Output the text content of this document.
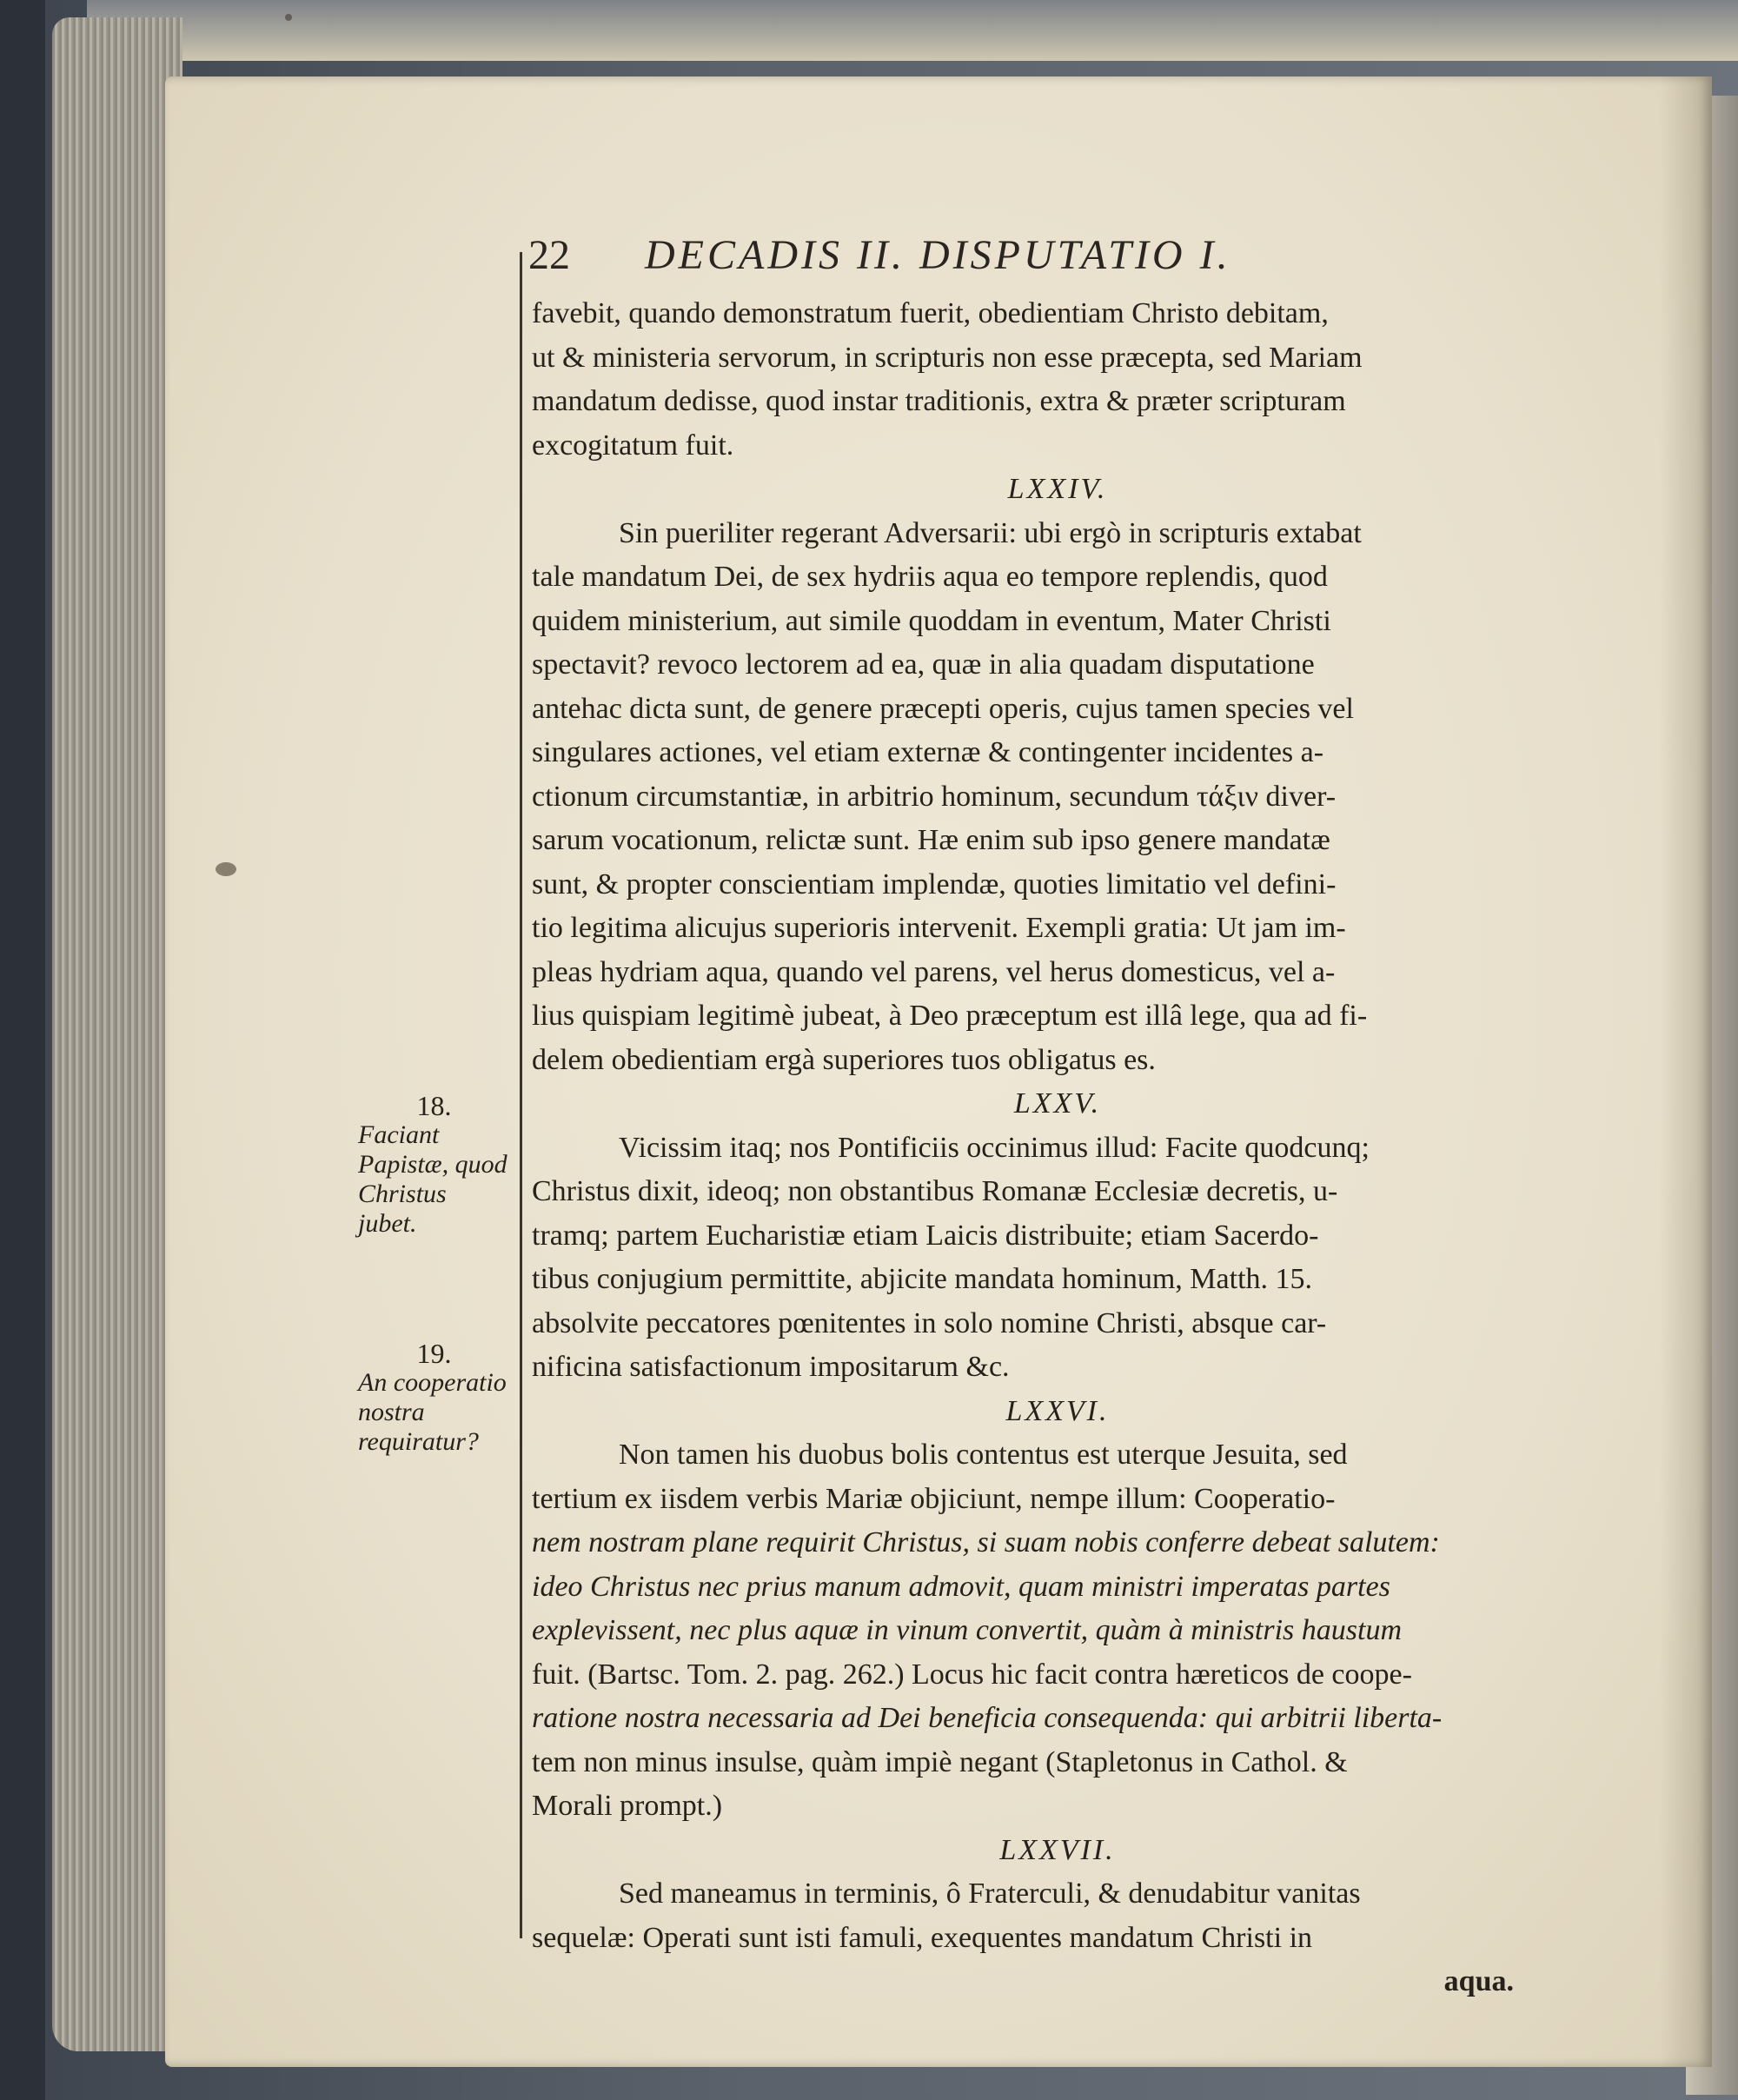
22 DECADIS II. DISPUTATIO I.
favebit, quando demonstratum fuerit, obedientiam Christo debitam,
ut & ministeria servorum, in scripturis non esse præcepta, sed Mariam
mandatum dedisse, quod instar traditionis, extra & præter scripturam
excogitatum fuit.
LXXIV.
Sin pueriliter regerant Adversarii: ubi ergò in scripturis extabat
tale mandatum Dei, de sex hydriis aqua eo tempore replendis, quod
quidem ministerium, aut simile quoddam in eventum, Mater Christi
spectavit? revoco lectorem ad ea, quæ in alia quadam disputatione
antehac dicta sunt, de genere præcepti operis, cujus tamen species vel
singulares actiones, vel etiam externæ & contingenter incidentes a-
ctionum circumstantiæ, in arbitrio hominum, secundum τάξιν diver-
sarum vocationum, relictæ sunt. Hæ enim sub ipso genere mandatæ
sunt, & propter conscientiam implendæ, quoties limitatio vel defini-
tio legitima alicujus superioris intervenit. Exempli gratia: Ut jam im-
pleas hydriam aqua, quando vel parens, vel herus domesticus, vel a-
lius quispiam legitimè jubeat, à Deo præceptum est illâ lege, qua ad fi-
delem obedientiam ergà superiores tuos obligatus es.
LXXV.
Vicissim itaq; nos Pontificiis occinimus illud: Facite quodcunq;
Christus dixit, ideoq; non obstantibus Romanæ Ecclesiæ decretis, u-
tramq; partem Eucharistiæ etiam Laicis distribuite; etiam Sacerdo-
tibus conjugium permittite, abjicite mandata hominum, Matth. 15.
absolvite peccatores pœnitentes in solo nomine Christi, absque car-
nificina satisfactionum impositarum &c.
LXXVI.
Non tamen his duobus bolis contentus est uterque Jesuita, sed
tertium ex iisdem verbis Mariæ objiciunt, nempe illum: Cooperatio-
nem nostram plane requirit Christus, si suam nobis conferre debeat salutem:
ideo Christus nec prius manum admovit, quam ministri imperatas partes
explevissent, nec plus aquæ in vinum convertit, quàm à ministris haustum
fuit. (Bartsc. Tom. 2. pag. 262.) Locus hic facit contra hæreticos de coope-
ratione nostra necessaria ad Dei beneficia consequenda: qui arbitrii liberta-
tem non minus insulse, quàm impiè negant (Stapletonus in Cathol. &
Morali prompt.)
LXXVII.
Sed maneamus in terminis, ô Fraterculi, & denudabitur vanitas
sequelæ: Operati sunt isti famuli, exequentes mandatum Christi in
aqua.
18.
Faciant Papistæ, quod Christus jubet.
19.
An cooperatio nostra requiratur?
